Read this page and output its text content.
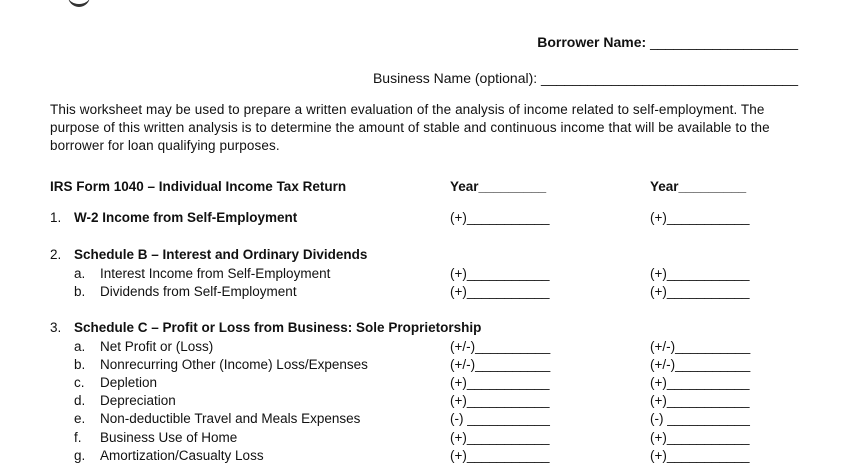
Borrower Name: ___________________
Business Name (optional): _________________________________
This worksheet may be used to prepare a written evaluation of the analysis of income related to self-employment. The purpose of this written analysis is to determine the amount of stable and continuous income that will be available to the borrower for loan qualifying purposes.
IRS Form 1040 – Individual Income Tax Return	Year_________	Year_________
1. W-2 Income from Self-Employment	(+)___________	(+)___________
2. Schedule B – Interest and Ordinary Dividends
a. Interest Income from Self-Employment	(+)___________	(+)___________
b. Dividends from Self-Employment	(+)___________	(+)___________
3. Schedule C – Profit or Loss from Business: Sole Proprietorship
a. Net Profit or (Loss)	(+/-)__________	(+/-)__________
b. Nonrecurring Other (Income) Loss/Expenses	(+/-)__________	(+/-)__________
c. Depletion	(+)___________	(+)___________
d. Depreciation	(+)___________	(+)___________
e. Non-deductible Travel and Meals Expenses	(-) ___________	(-) ___________
f. Business Use of Home	(+)___________	(+)___________
g. Amortization/Casualty Loss	(+)___________	(+)___________
